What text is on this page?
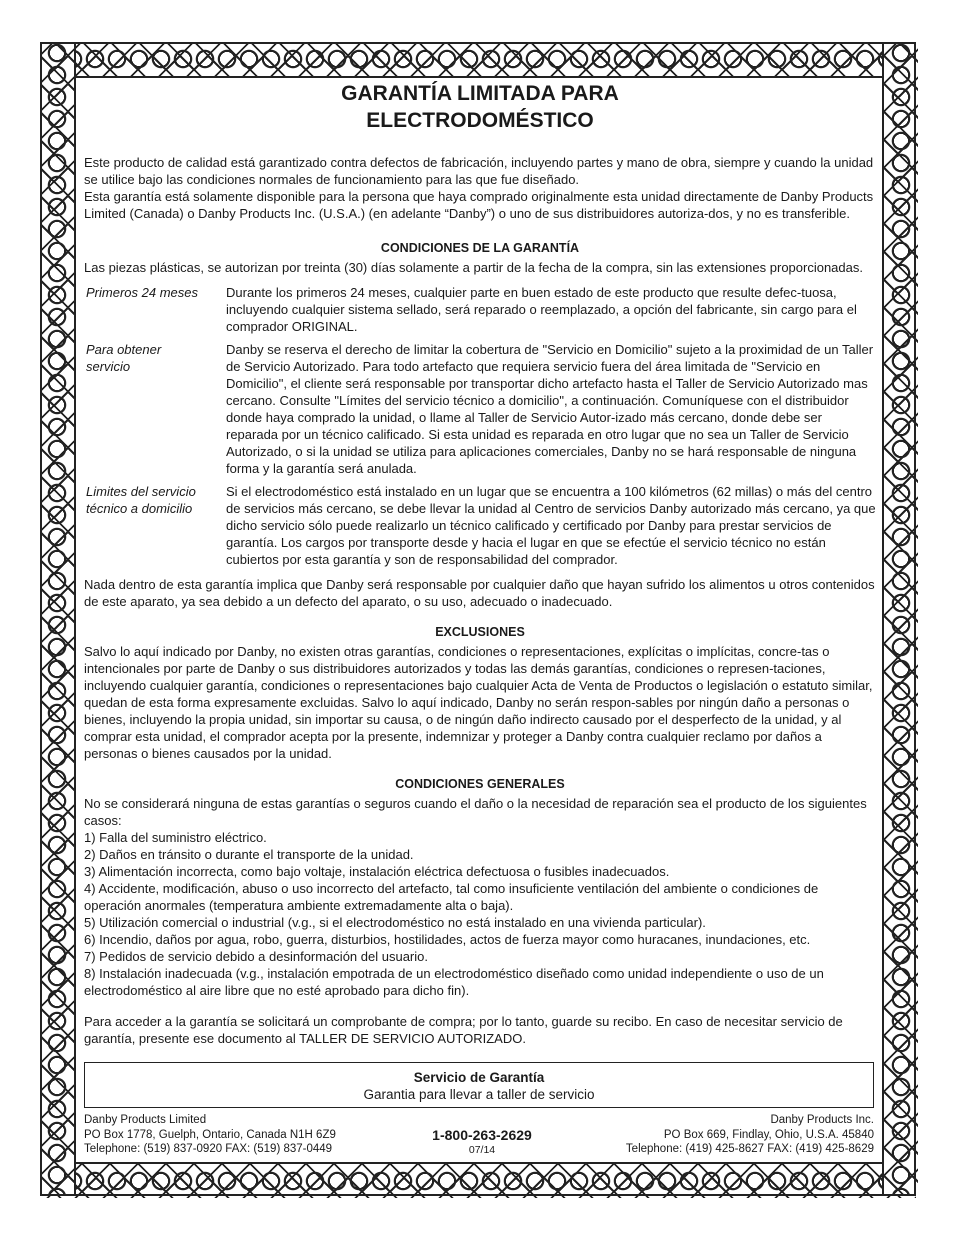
GARANTÍA LIMITADA PARA
ELECTRODOMÉSTICO

Este producto de calidad está garantizado contra defectos de fabricación, incluyendo partes y mano de obra, siempre y cuando la unidad se utilice bajo las condiciones normales de funcionamiento para las que fue diseñado.

Esta garantía está solamente disponible para la persona que haya comprado originalmente esta unidad directamente de Danby Products Limited (Canada) o Danby Products Inc. (U.S.A.) (en adelante “Danby”) o uno de sus distribuidores autoriza-dos, y no es transferible.

CONDICIONES DE LA GARANTÍA

Las piezas plásticas, se autorizan por treinta (30) días solamente a partir de la fecha de la compra, sin las extensiones proporcionadas.

Primeros 24 meses	Durante los primeros 24 meses, cualquier parte en buen estado de este producto que resulte defec-tuosa, incluyendo cualquier sistema sellado, será reparado o reemplazado, a opción del fabricante, sin cargo para el comprador ORIGINAL.
Para obtener servicio
Danby se reserva el derecho de limitar la cobertura de "Servicio en Domicilio" sujeto a la proximidad de un Taller de Servicio Autorizado. Para todo artefacto que requiera servicio fuera del área limitada de "Servicio en Domicilio", el cliente será responsable por transportar dicho artefacto hasta el Taller de Servicio Autorizado mas cercano. Consulte "Límites del servicio técnico a domicilio", a continuación. Comuníquese con el distribuidor donde haya comprado la unidad, o llame al Taller de Servicio Autor-izado más cercano, donde debe ser reparada por un técnico calificado. Si esta unidad es reparada en otro lugar que no sea un Taller de Servicio Autorizado, o si la unidad se utiliza para aplicaciones comerciales, Danby no se hará responsable de ninguna forma y la garantía será anulada.
Limites del servicio técnico a domicilio
Si el electrodoméstico está instalado en un lugar que se encuentra a 100 kilómetros (62 millas) o más del centro de servicios más cercano, se debe llevar la unidad al Centro de servicios Danby autorizado más cercano, ya que dicho servicio sólo puede realizarlo un técnico calificado y certificado por Danby para prestar servicios de garantía. Los cargos por transporte desde y hacia el lugar en que se efectúe el servicio técnico no están cubiertos por esta garantía y son de responsabilidad del comprador.

Nada dentro de esta garantía implica que Danby será responsable por cualquier daño que hayan sufrido los alimentos u otros contenidos de este aparato, ya sea debido a un defecto del aparato, o su uso, adecuado o inadecuado.

EXCLUSIONES

Salvo lo aquí indicado por Danby, no existen otras garantías, condiciones o representaciones, explícitas o implícitas, concre-tas o intencionales por parte de Danby o sus distribuidores autorizados y todas las demás garantías, condiciones o represen-taciones, incluyendo cualquier garantía, condiciones o representaciones bajo cualquier Acta de Venta de Productos o legislación o estatuto similar, quedan de esta forma expresamente excluidas. Salvo lo aquí indicado, Danby no serán respon-sables por ningún daño a personas o bienes, incluyendo la propia unidad, sin importar su causa, o de ningún daño indirecto causado por el desperfecto de la unidad, y al comprar esta unidad, el comprador acepta por la presente, indemnizar y proteger a Danby contra cualquier reclamo por daños a personas o bienes causados por la unidad.

CONDICIONES GENERALES

No se considerará ninguna de estas garantías o seguros cuando el daño o la necesidad de reparación sea el producto de los siguientes casos:

1) Falla del suministro eléctrico.

2) Daños en tránsito o durante el transporte de la unidad.

3) Alimentación incorrecta, como bajo voltaje, instalación eléctrica defectuosa o fusibles inadecuados.

4) Accidente, modificación, abuso o uso incorrecto del artefacto, tal como insuficiente ventilación del ambiente o condiciones de operación anormales (temperatura ambiente extremadamente alta o baja).

5) Utilización comercial o industrial (v.g., si el electrodoméstico no está instalado en una vivienda particular).

6) Incendio, daños por agua, robo, guerra, disturbios, hostilidades, actos de fuerza mayor como huracanes, inundaciones, etc.

7) Pedidos de servicio debido a desinformación del usuario.

8) Instalación inadecuada (v.g., instalación empotrada de un electrodoméstico diseñado como unidad independiente o uso de un electrodoméstico al aire libre que no esté aprobado para dicho fin).

Para acceder a la garantía se solicitará un comprobante de compra; por lo tanto, guarde su recibo. En caso de necesitar servicio de garantía, presente ese documento al TALLER DE SERVICIO AUTORIZADO.

Servicio de Garantía
Garantia para llevar a taller de servicio
Danby Products Limited
PO Box 1778, Guelph, Ontario, Canada N1H 6Z9
Telephone: (519) 837-0920 FAX: (519) 837-0449
1-800-263-2629
07/14
Danby Products Inc.
PO Box 669, Findlay, Ohio, U.S.A. 45840
Telephone: (419) 425-8627 FAX: (419) 425-8629
